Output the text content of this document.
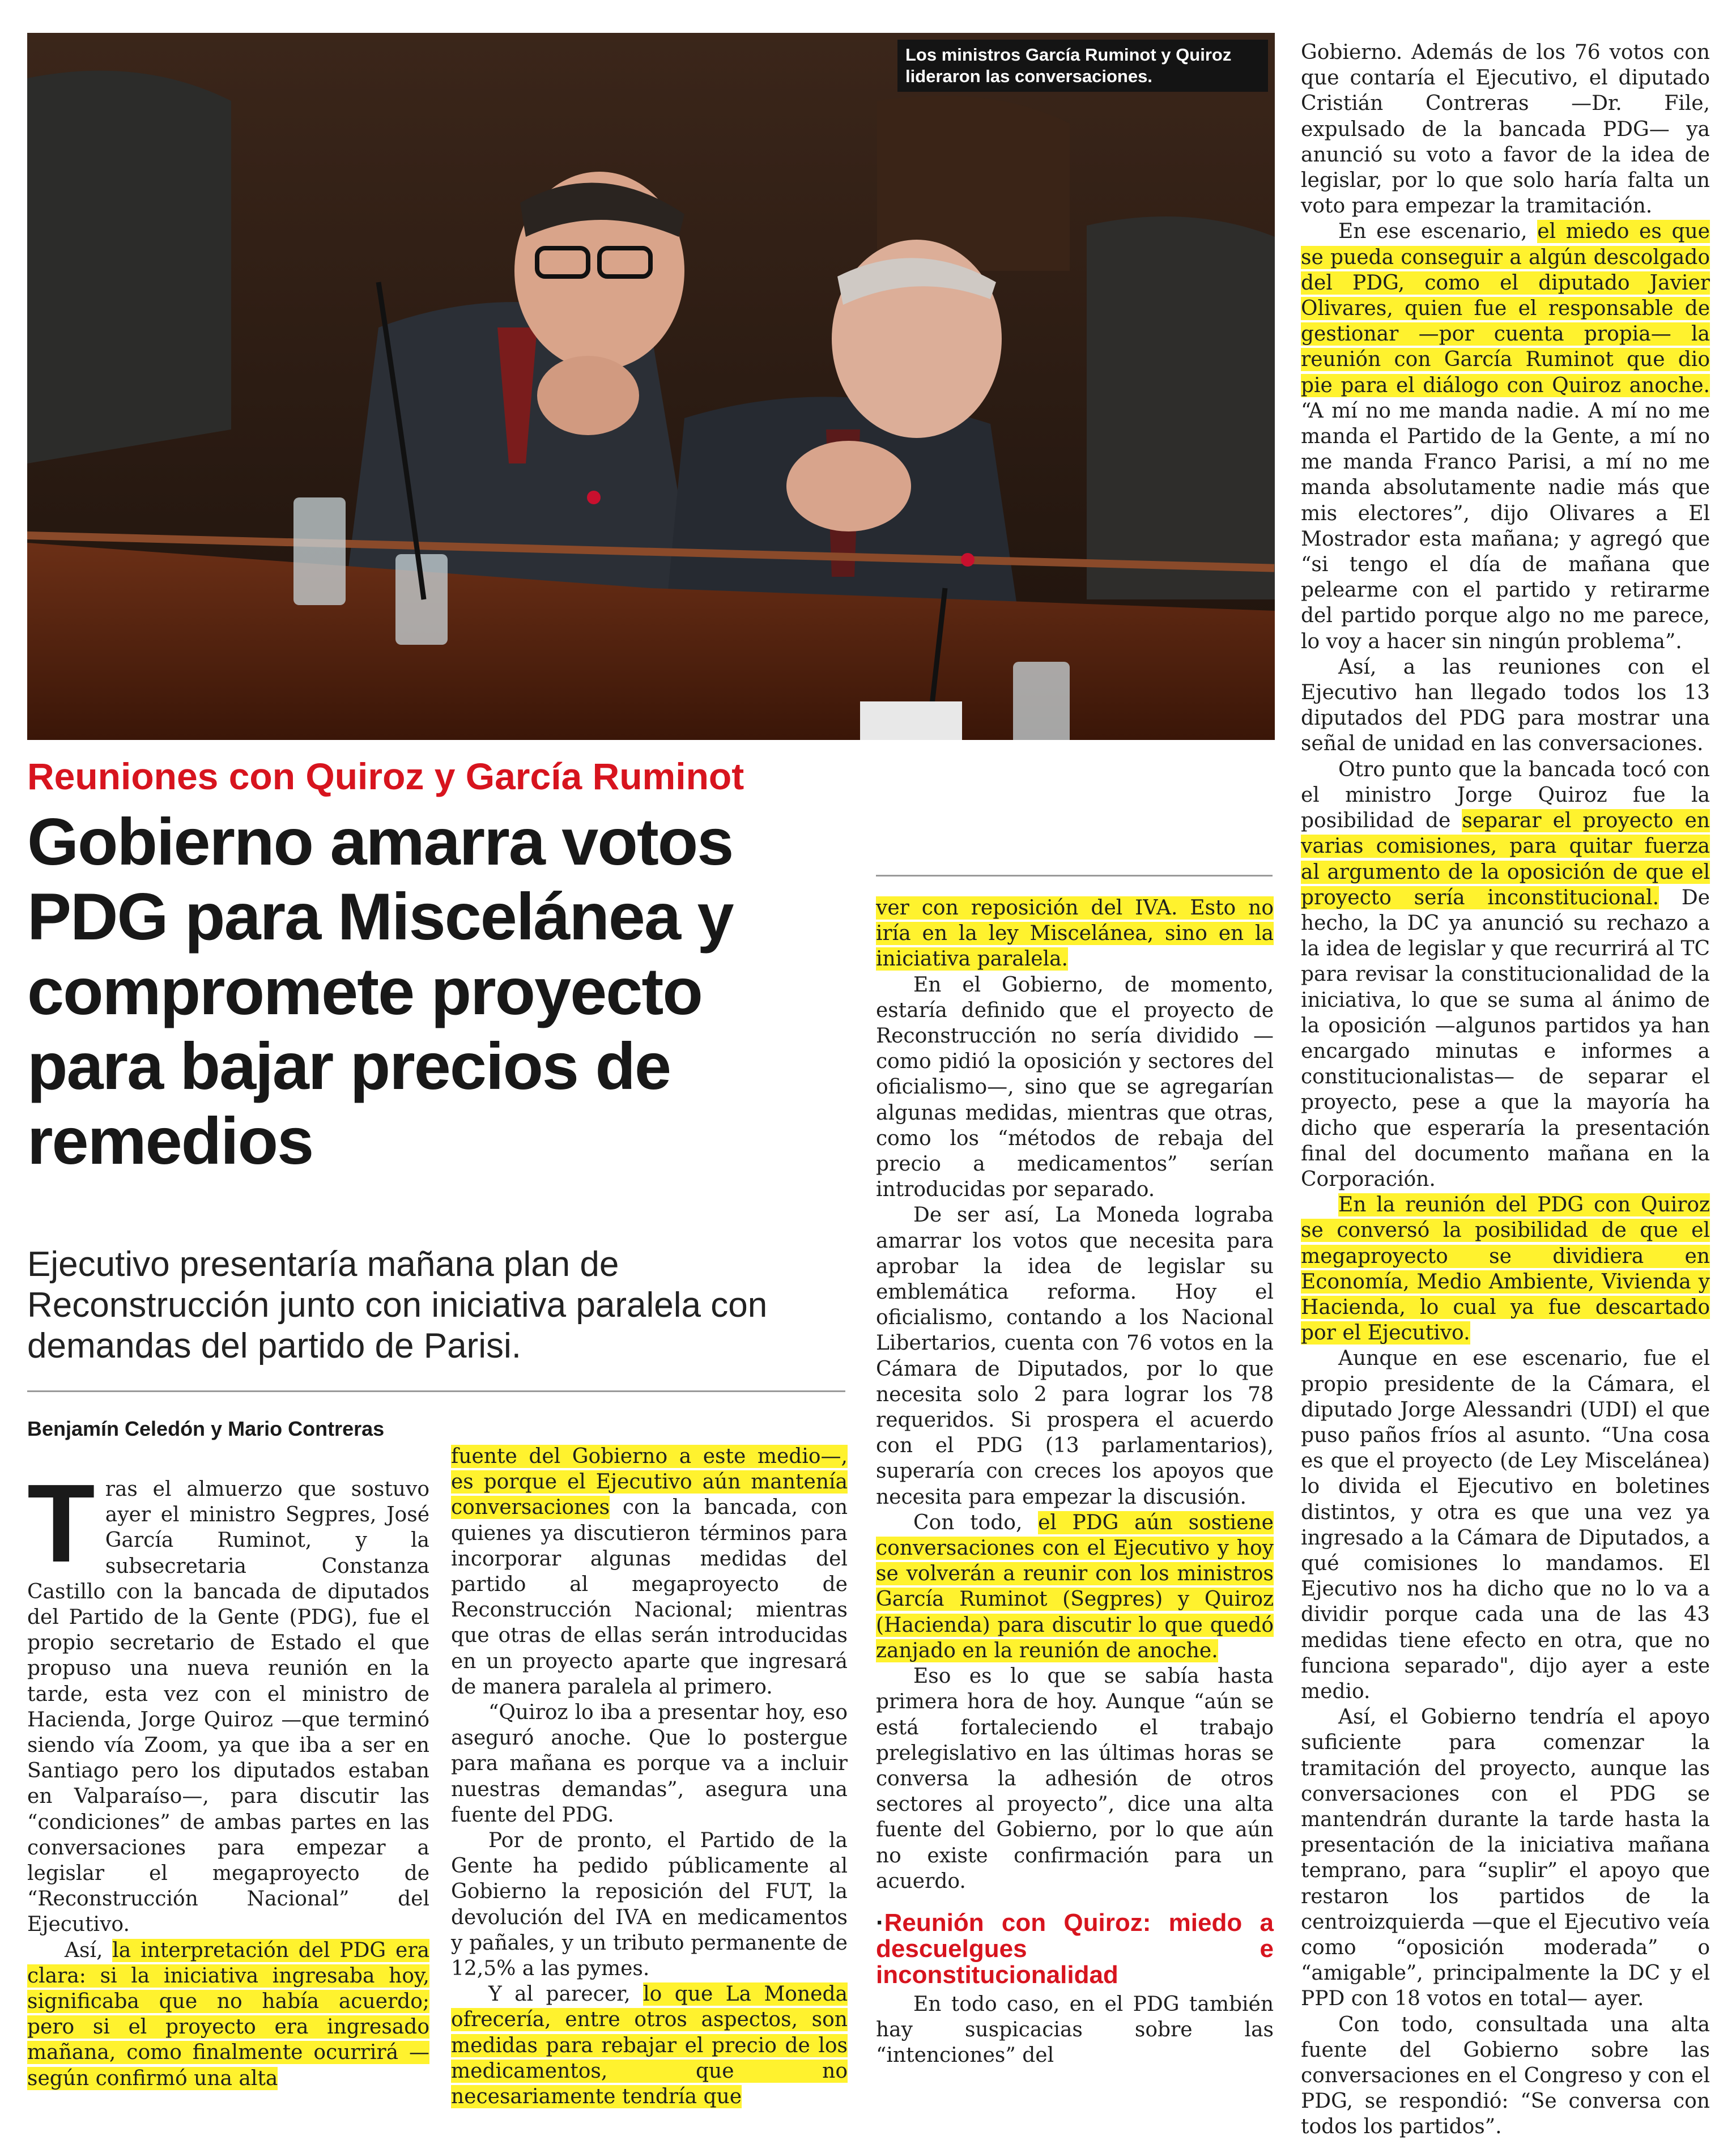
Los ministros García Ruminot y Quiroz lideraron las conversaciones.
Reuniones con Quiroz y García Ruminot
Gobierno amarra votos PDG para Miscelánea y compromete proyecto para bajar precios de remedios
Ejecutivo presentaría mañana plan de Reconstrucción junto con iniciativa paralela con demandas del partido de Parisi.
Benjamín Celedón y Mario Contreras

Tras el almuerzo que sostuvo ayer el ministro Segpres, José García Ruminot, y la subsecretaria Constanza Castillo con la bancada de diputados del Partido de la Gente (PDG), fue el propio secretario de Estado el que propuso una nueva reunión en la tarde, esta vez con el ministro de Hacienda, Jorge Quiroz —que terminó siendo vía Zoom, ya que iba a ser en Santiago pero los diputados estaban en Valparaíso—, para discutir las “condiciones” de ambas partes en las conversaciones para empezar a legislar el megaproyecto de “Reconstrucción Nacional” del Ejecutivo.

Así, la interpretación del PDG era clara: si la iniciativa ingresaba hoy, significaba que no había acuerdo; pero si el proyecto era ingresado mañana, como finalmente ocurrirá —según confirmó una alta

fuente del Gobierno a este medio—, es porque el Ejecutivo aún mantenía conversaciones con la bancada, con quienes ya discutieron términos para incorporar algunas medidas del partido al megaproyecto de Reconstrucción Nacional; mientras que otras de ellas serán introducidas en un proyecto aparte que ingresará de manera paralela al primero.

“Quiroz lo iba a presentar hoy, eso aseguró anoche. Que lo postergue para mañana es porque va a incluir nuestras demandas”, asegura una fuente del PDG.

Por de pronto, el Partido de la Gente ha pedido públicamente al Gobierno la reposición del FUT, la devolución del IVA en medicamentos y pañales, y un tributo permanente de 12,5% a las pymes.

Y al parecer, lo que La Moneda ofrecería, entre otros aspectos, son medidas para rebajar el precio de los medicamentos, que no necesariamente tendría que

ver con reposición del IVA. Esto no iría en la ley Miscelánea, sino en la iniciativa paralela.

En el Gobierno, de momento, estaría definido que el proyecto de Reconstrucción no sería dividido —como pidió la oposición y sectores del oficialismo—, sino que se agregarían algunas medidas, mientras que otras, como los “métodos de rebaja del precio a medicamentos” serían introducidas por separado.

De ser así, La Moneda lograba amarrar los votos que necesita para aprobar la idea de legislar su emblemática reforma. Hoy el oficialismo, contando a los Nacional Libertarios, cuenta con 76 votos en la Cámara de Diputados, por lo que necesita solo 2 para lograr los 78 requeridos. Si prospera el acuerdo con el PDG (13 parlamentarios), superaría con creces los apoyos que necesita para empezar la discusión.

Con todo, el PDG aún sostiene conversaciones con el Ejecutivo y hoy se volverán a reunir con los ministros García Ruminot (Segpres) y Quiroz (Hacienda) para discutir lo que quedó zanjado en la reunión de anoche.

Eso es lo que se sabía hasta primera hora de hoy. Aunque “aún se está fortaleciendo el trabajo prelegislativo en las últimas horas se conversa la adhesión de otros sectores al proyecto”, dice una alta fuente del Gobierno, por lo que aún no existe confirmación para un acuerdo.

·Reunión con Quiroz: miedo a descuelgues e inconstitucionalidad

En todo caso, en el PDG también hay suspicacias sobre las “intenciones” del

Gobierno. Además de los 76 votos con que contaría el Ejecutivo, el diputado Cristián Contreras —Dr. File, expulsado de la bancada PDG— ya anunció su voto a favor de la idea de legislar, por lo que solo haría falta un voto para empezar la tramitación.

En ese escenario, el miedo es que se pueda conseguir a algún descolgado del PDG, como el diputado Javier Olivares, quien fue el responsable de gestionar —por cuenta propia— la reunión con García Ruminot que dio pie para el diálogo con Quiroz anoche. “A mí no me manda nadie. A mí no me manda el Partido de la Gente, a mí no me manda Franco Parisi, a mí no me manda absolutamente nadie más que mis electores”, dijo Olivares a El Mostrador esta mañana; y agregó que “si tengo el día de mañana que pelearme con el partido y retirarme del partido porque algo no me parece, lo voy a hacer sin ningún problema”.

Así, a las reuniones con el Ejecutivo han llegado todos los 13 diputados del PDG para mostrar una señal de unidad en las conversaciones.

Otro punto que la bancada tocó con el ministro Jorge Quiroz fue la posibilidad de separar el proyecto en varias comisiones, para quitar fuerza al argumento de la oposición de que el proyecto sería inconstitucional. De hecho, la DC ya anunció su rechazo a la idea de legislar y que recurrirá al TC para revisar la constitucionalidad de la iniciativa, lo que se suma al ánimo de la oposición —algunos partidos ya han encargado minutas e informes a constitucionalistas— de separar el proyecto, pese a que la mayoría ha dicho que esperaría la presentación final del documento mañana en la Corporación.

En la reunión del PDG con Quiroz se conversó la posibilidad de que el megaproyecto se dividiera en Economía, Medio Ambiente, Vivienda y Hacienda, lo cual ya fue descartado por el Ejecutivo.

Aunque en ese escenario, fue el propio presidente de la Cámara, el diputado Jorge Alessandri (UDI) el que puso paños fríos al asunto. “Una cosa es que el proyecto (de Ley Miscelánea) lo divida el Ejecutivo en boletines distintos, y otra es que una vez ya ingresado a la Cámara de Diputados, a qué comisiones lo mandamos. El Ejecutivo nos ha dicho que no lo va a dividir porque cada una de las 43 medidas tiene efecto en otra, que no funciona separado", dijo ayer a este medio.

Así, el Gobierno tendría el apoyo suficiente para comenzar la tramitación del proyecto, aunque las conversaciones con el PDG se mantendrán durante la tarde hasta la presentación de la iniciativa mañana temprano, para “suplir” el apoyo que restaron los partidos de la centroizquierda —que el Ejecutivo veía como “oposición moderada” o “amigable”, principalmente la DC y el PPD con 18 votos en total— ayer.

Con todo, consultada una alta fuente del Gobierno sobre las conversaciones en el Congreso y con el PDG, se respondió: “Se conversa con todos los partidos”.
